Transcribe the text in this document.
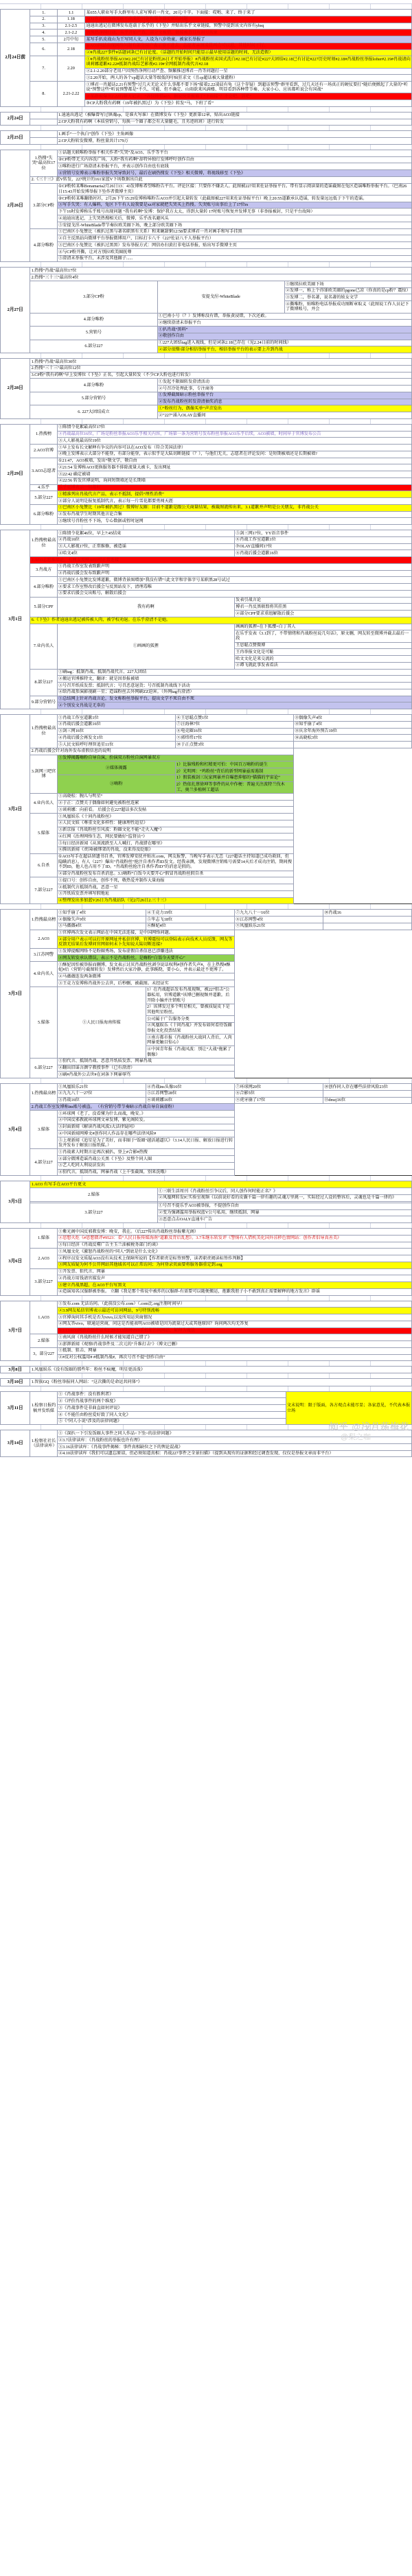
2月24日前	1.	1.1	某655人职业写手大群里有人求写博君一肖文，20元/千字。下面接：哎哟、来了、终于来了
	2.	1.18	AO3官方回应网页刷不出来的问题和服务器更新的问题
	3.	2.1-2.5	迪迪出逃记在微博发布连载于乐乎的《下坠》并贴出乐乎文章链接，预警中提到该文内容有yhsq
	4.	2.1-2.2	因预热净网行动，乐乎开始严查，部分文被惜、链接被查且有封号现象
	5.	2月中旬	某写手扒皮战山为王写同人文，人设为八岁幼童，被家长举报了
	6.	2.18	①AO3网站出现网络问题有部分用户表示登不进去。志愿者亲测凌晨两点可以进，其他时间不行。
			②#肖战227事件#话题词条已有讨论度。（话题的开始时间只能显示最早使用话题的时间，无法造假）
	7.	2.20	①#肖战粉丝举报AO3#2.20已有讨论粉丝26日才开始举报）#肖战粉丝卖国式洗白#2.18已有讨论#227大团结#2.18已有讨论#227历史时刻#2.18#肖战粉丝举报lofter#2.19#肖战请向谈莉娜道歉#2.22#抵制肖战综艺影视#2.19#全网抵制肖战代言#2.18
			②2.1-2.20部分老用户因预热净网行动严查、频繁推送博君一肖等问题打一星
			③2.20开始，两人的各个cp超话大量等级低的吁疯狂求文（且cp超话被大量灌粉）
	8.	2.21-2.22	①博君一肖超话2.21有预警“过几天无论又什么事都不要下场”接着2.22凌晨有龟（这个存疑）到超话预警“群里看到，过几天还有一场真正的硬仗要打”随后便掀起了大量的“听说”预警这些”听说预警都是“不久、可能、但不确定、山雨欲来风满楼、明显看到各种带节奏、大家小心、应该都听说会有国战”
			②某群被爆出2.22的聊天记录：“各位珍惜ao3，据说快要被墙了”下面接“？不会吧、到吧”
			③CP大粉我有药啊（19年被扒黑过）为《下坠》转发“马，下班了看”
2月24日		1.迪迪出逃记（被曝曾写过镇魂cp，是谁火写谁）在微博发布《下坠》更新第12章，贴出AO3链接
		2.CP大粉我有药啊（本质营销号，每换一个圈子都会有大量腿毛，且劣迹班班）进行转发
2月25日		1.画手“一个执白”创作《下坠》主角画像
		2.CP大粉转发微博，粉丝量共计179万
2月26日	1.热搜“失哭”最高位17位	①话题关联唯粉举报不相关作者“失哭”及AO3、乐乎等平台
		②CP粉带无关内容洗广场，大粉“我有药啊”却特异独行发博呼吁创作自由
		③唯粉进行广场澄清未举报平台，并表示创作自由也有底线
		④营销号发博表示唯粉举报失哭导致封号，最后在刷热搜发《下坠》相关微博，将视线移至《下坠》
	2.《三十三》蓝V转发，227统计的161家蓝V下场数据出自此	
	3.部分CP粉	①CP粉转某唯Bonamaria2月26日13：43发博称希望唯粉告平台。评论区接：只要你不嫌丢人。此图被227用来佐证举报平台。带有显示阅读量的造谣截图在兔区造谣唯粉举报平台。（巴南26日15:43开始发博举报下坠作者微博主页）
		②CP粉转某唯翻脂衬衫，2月26下午15:29发博称唯粉告AO3并引起大量转发（此截图被227用来佐证举报平台）晚上20:55道歉承认造谣，转发量远远低于下午的造谣。
		③写手失哭：有人爆料，兔区下午有人说我要是xz对家就把失哭买上热搜。失哭账号出事后上了17位rs
		下午16时发博称乐乎账号出现问题 “我有药啊”发博：保护我方太太，得到大量转 17时账号恢复并发博无事（非举报被封，只是平台故障）
		④迪迪出逃记，上失哭热搜相关后，微博、乐乎改名避风头
		⑤安提戈涅-WhiteBlade带节奏拉欧美圈下场，晚上部分欧美圈下场
	4.部分唯粉	①巴南区小兔赞比（被扒过黑与著名职黑有关系）和来碗甜粥12:58要求博君一肖对画手和写手挂黑
		②自主反黑站向微博平台举报微博用户，目标打卡八千（227佐证八千人举报平台）
		③巴南区小兔赞比（被扒过黑黑）发布举报方式：网信办扫黄打非电话举报，贴出写手微博主页
		④与CP粉开撕，让对方别拉欧美圈抚尊
		⑤澄清未举报平台，未涉及其他圈子......
2月27日	1.热搜“肖战”最高位17位		
	2.热搜“三十三”最高位4位		
	3.部分CP粉	安提戈涅-WhiteBlade	①继续拉欧美圈下场
			②发博一，称上个得罪欧美圈的pgone已凉（你真的是cp粉？震惊）
			③发博二，举名著，说名著的妓女文学
			④撕唯粉，贴唯粉电话举报成功图断章取义（此图说工作人员记下了微博账号，并会
	4.部分唯粉	①巴南小号（？）发博称没有错，举报黄浸错，下次还敢。	
		②继续澄清未举报平台	
	5.营销号	①扒肖战“黑料”	
		②敬创作自由	
	6.部分227	①227大团结tag进入视线，但是词条2.18已存在（见2.24日前的时间线）	
		②部分很懵/部分相信举报平台，相信举报平台的表示要上升到肖战	
2月28日	1.热搜“肖战”最高位30位	
	2.热搜“三十三”最高位12位	
	3.CP粉“我有药啊”早上发博位《下坠》正名，引起大量转发（不少CP大粉也进行转发）	
	4.部分唯粉	①发起不限圈转发澄清活动
		②号召冷处理此事，专注商务
	5.部分营销号	①发博截图暗示粉丝举报平台
		②发布肖战粉丝转发澄清抽奖消息
	6. 227大团结成立	①“粉丝行为，偶像买单“声音发出
		②“227“涌入OLAY直播间
2月29日	1.热搜榜	①陈情令花絮最高位17位
		②肖战最高位16位，广场是粉丝举报AO3乐乎相关内容，广场第一条为营销号发布粉丝举报AO3乐乎后续，AO3被墙，时间早于官博发布公告
		③人人影视最高位19位
	2.AO3官博	①早上发布长文解释有争议的内容可以在AO3发布（符合美国法律）
		②晚上发博表示大部分不能登，有部分能登，表示似乎是大陆切断链接（？），与他们无关，志愿者在评论发问：是短期被墙还是长期被墙?
	3.AO3志愿者	①21:47，AO3被墙，发出“敬文学，敬自由
		②21:54 发博称AO3更换服务器不排除流量大被卡，发出网址
		③22:42 确定被墙
		④22:56 转发官博说明，询问短期墙还是长期墙
	4.乐乎	乐乎更博表示一切都好
	5.部分227	①精准列出肖战代言产品，表示不抵制，提倡“理性消费”
		②部分人说明是报复抵制代言，表示每一片雪花都要勇闯天涯
	6.部分唯粉	①巴南区小兔赞比（19年被扒黑过）微博好友圈：目前不道歉是跟公关商量结果，被截图流传出来，3.1道歉并声明是公关朋友，非肖战公关
		②发布肖战学生时期其他言论合集
		③继续号召粉丝不下场，专心数据或暂时退网
3月1日	1.热搜榜最高位	①陈情令花絮46位，早上7:45结束	⑤剑三网17位，YY语音事件
		②肖战16位	⑥肖战工作室道歉1位
		③人人影视17位，正常维修，被造谣	⑦OLAY直播间17位
		④哈文4位	⑧肖战后援会道歉16位
	2.AO3志愿推墙论。有网友反映AO3可正常连接		
	3.肖战方	①肖战工作室发表致歉声明	
		②肖战后援会发布致歉声明	
	4.部分唯粉	①巴南区小兔赞比发博道歉，微博背景图增加“我没有错“（此文字和字体字号某职黑28号试过	
		②要求工作室整改后援会与反黑站皮下，清理毒唯	
		③要求后援会交出账号，解散后援会	
	5.部分CPF	我有药啊	发表引战言论
			博君一肖反黑联盟将其挂黑
			②部分CPF要求重组解散后援会
	6.《下坠》作者迪迪出逃记被传被人肉，被学校劝退。在乐乎澄清不是她。		
	7.业内名人	①画画的狐狸	画画的狐狸=在下狐缨=白丁其人
			在乐乎发表《3.1到了，不带情绪和肖战粉丝说几句话》，原文删，网友转至微博并截去最后一段
			王思聪点赞微博
			王冉举报文化是可耻
			哈文文化是来交流的
			②谭飞就此事发表看法
	8.部分227	①刷tag：抵制肖战、抵制肖战代言、227大团结	
		②搬运官博推特文，翻译：就是因举报被墙	
		③号召开纸质发票；抵制代言；号召恶意退货；号召抵制肖战线下活动	
		④给肖战参演影视刷一星；造谣粉丝去外网刷ZZ迫害。（外网tag有澄清）	
	9.部分营销号	①总结网上针对肖战言论，发文称粉丝举报平台，提出文学不死自由不死	
		②个别发文肖战是无辜的	
3月2日	1.热搜榜最高位	①肖战工作室道歉1位	⑥王思聪点赞1位	⑪偶像失声4位
		②肖战后援会道歉16位	⑦汪海林7位	⑫知乎崩了4位
		③剑三网16位	⑧电竞圈16位	⑬庆余年海外预告19位
		④肖战后援会再发文1位	⑨郭炜炜17位	⑭高晓松3位
		⑤人民文娱呼吁理智追星11位	⑩于正点赞3位	
	2.肖战后援会针对海外发布虚假信息的说明			
	3.剑网三吧官博	①发博揭露嗨粉自导自演，扮演双方粉丝自演网暴双方		
		②媒体揭露	1）比脑残粉和杠精更可怕：中国百万嗨粉的诞生	
			2）光明网：“鸡粉丝”背后的新型网暴亟需遏制	
		③嗨粉	1）假装被剑三玩家网暴并自曝患抑郁的“猫猫的宇宙论”	
			2）热依扎蔡徐坤等事件的从中作梗：普遍关注波特兰伐木工、奥兰多植树工超话	
	4.业内名人	①高晓松：腕儿与明星“		
		②于正：点赞关于偶像如何避免被粉丝连累		
		③谈莉娜：向前看。 后援会在227超话多次发帖		
	5.媒体	①凤凰娱乐《十问肖战粉丝》		
		②人民文娱《尊重文化多样性：健康理性追星》		
		③新京报《肖战粉丝引风波：粉圈文化不能”走火入魔“》		
		④红网《治理网络生态，网民要做好”监督员“》		
		⑤每日经济新闻《从顶流跌至人人喊打，肖战错在哪里》		
		⑥腾讯新闻《责国‖被绑架的肖战，没来得及眨眼》		
	6.自杀	①AO3写手在超话留遗书自杀，官博发博安抚并贴出.com，网友报警，当晚写手表示无恙（227超话主持知道已成功救回，但隐瞒消息）。有人（227）爆出“肖战粉丝”抢注自杀作者ID发文。经我亲测，发现微博注销账号需要14天后才成功注销，期间搜不到ID，他人也占用不了ID。“肖战粉丝抢注自杀作者ID”的消息是假的。		
		②部分肖战粉丝发布自杀消息。3.1嗨粉“白饭今天要开心”假冒肖战粉丝假自杀		
	7.部分227	①提口号：创作自由，创作不死，敬热爱并制作大量海报		
		②抵制代言抵制肖战，恶意一星		
		③开纸质发票并填写假地址		
		④整理发出多加蓝V26日为肖战站队（见2月26日2.三十三）		
3月3日	1.热搜最高榜	①知乎崩了4位	④王竞力19位	⑦九九八十一16位	⑩肖战16
		②偶像失声9位	⑤毕志飞18位	⑧江苏网警4位	
		③马薇薇4位	⑥酥妃4位	⑨凤凰娱乐21位	
	2.AO3	①官博再次发文表示网站在中国无法连接，是中国网络问题。			
		②部分用户表示可以打开原网址并私信官博，官博震惊可以登陆表示向技术人员反馈，网友等反馈无结果后发博问官网如何未卜先知说大陆切断连接?			
	3.江苏网警	①发博提醒网络不是粉圈秀场，发布虚假自杀信息已涉嫌违法			
		②网友转发承认错误，表示不是肖战粉丝。是嗨粉“白饭今天要开心"			
	4.业内名人	①酥妃因怕被举报而删博，发文表示讨厌肖战粉丝剥夺说话权利#创作者失声#，在上热搜#酥妃#后（营销号截图转发）发博然后大家冷静，此事蹊跷，要小心，并表示最近不更博了。			
		②马薇薇连发两条微博			
		③王竞力发博称肖战外公去世，后秒删，被截图。未经证实			
	5.媒体	①人民日报海南传媒	1）在肖战超话发布肖战视频，被227狙击”公器私用，官博道歉“该博已删视频并道歉。后开除小编并注销账号		
			2）该博发过多个明星相关，曾被质疑皮下是其他明星粉丝。		
			公司属于广告服务分类		
			②凤凰娱乐《十问肖战》并发布如何看待饭圈举报文化投票结果		
			③南方都市报《肖战粉丝大战同人背后，人肉网暴更触目惊心》		
			④中国青年报《肖战风波：别让“大战”拖累了偶像》		
	6.部分227	①狙代言、抵制肖战、恶意开纸质发票、网暴肖战			
		②翻出旧谣言颜宁教授事件（已有澄清）			
		③刷#肖战外公去世#在词条下网暴辱骂			
3月4日	1.热搜最高榜	①凤凰娱乐21位	④肖战ins头像16位	⑦环球网20位	⑩创作同人存在哪些法律风险23位
		②九九八十一27位	⑤江苏网警28位	⑧合影5位	
		③肖战16位	⑥谈莉娜16位	⑨虎牙崩了17位	⑪dmzj16位
	2.肖战工作室发博称ins账号被盗。 （有营销号带节奏暗示肖战自导自演虚粉）				
	3.媒体	①环球网《老了，没看懂为什么而战，晚安。》			
		②中国反邪教就环球网文章发博，紫光阁转发。			
		③封面新闻《解读肖战风波3大法律疑问》			
		④中国新闻网博文#创作同人作品存在哪些法律风险#			
		⑤上观新闻《追星是为了美好，而非圈于“饭圈"越活越逼仄》（3.14人民日报、解放日报进行转发并发布于解放日报纸媒。）			
	4.部分227	①肖战素人时期言论再次被扒，登上#合影#热搜			
		②部分微博造谣肖战公关黑《下坠》及整个同人圈			
		③艺人吃同人利说法发出			
		④狙代言，抵制肖战，网暴肖战（上千张截图，别来洗哦）			
3月5日	1.AO3 有写手在AO3平台更文	
	2.媒体	①三联生活周刊《肖战粉丝引争议后，同人创作何时能正名？》
		②凤凰网转发IC实验室视频《以前说好看的皮囊千篇一律有趣的灵魂万里挑一，实际经过人设的整容后，灵魂也是千篇一律的》

	3.部分227	①号召不提乐乎AO3被举报，不提创作自由
		②变为强调滥用举报权蓝V公号私用，继续抵制、网暴
		③恶意点击OALY直通车广告
3月6日	1.媒体	①紫光阁中国反邪教发博：晚安，我在。（后227传出肖战粉丝举报紫光阁）
		②思想火炬《#思想微评#9523：看“人民日报传媒海南”道歉及背后乱想》。3.7朱继东转发评《警惕有人借机美化国外淫秽色情网站：创作者倡导真善美》
		③每日经济《肖战反噬广告主玉兰油被税务部门约谈》
	2.AO3	①凤凰文化《激怒肖战粉丝的“同人”到底是什么文化》
		②程序员发文质疑AO3没有从技术上保障所说的【作者职责是标签预警，读者职责阅读标签作判断】
		③网友质疑为何不公开网站其他域名可以正常访问；为何登录页面要将服务器重定到.org
	3.部分227	①开发票、狙代言、网暴
		②肖战方用钱请官媒发声
		③建立肖战黑超，在AO3平台写黑文
		④造谣知名汉服群被举报。 立翻《我是那个传说中被炸的汉服群-有需要可以随便搬运，抱歉我胆子小不敢到真正需要解释的地方发言》辟谣
3月7日	1.AO3	①发布.com 无法访问。（此前没公布.com）（.com比.org注册时间早）
		②3.9网友私信官博表示最近可访问网站，9号特别流畅
		③官博询问其手机是否为vivo,以及所用运营商情况
		④网友答vivo，联通运营商，问这是否能表明AO3被墙是因为流量过大或其他原因？询问两次均无答复
		⑤3.13AO3网站志愿者证实2.29-3.13期间vivo手机能访问网站，解释为魔法
	2.媒体	①南风窗《肖战粉丝什么时候才能知道自己错了》
		②澎湃新闻《观察‖肖战事件及二次元的"升维打击"》（博文已删）
	3，部分227	①抵制、狙击、网暴
		②#反对公权滥用# #抵制肖战#，再次号召不提“创作自由”
3月8日	1.凤凰娱乐《没有饭圈的那些年：粉丝不疯魔，明星更活泼》
3月10日	1.智族GQ《粉丝举报同人网站：“这次撕的是命运共同体”》
3月11日	1.检察日报约稿并发纸媒	①《肖战事件：没有胜利者》	文末说明：限于版面，各方观点未能尽显；各家意见，不代表本报立场
②《评价肖战事件的两个维度》
③《肖战事件是非曲直如何评说》
④《不能任由粉丝爱好毁了同人文化》
⑤《”同人小说“涉及的法律问题》
3月14日	1.检察社社长（法律读库）	①《深扒一下引发饭圈大事件之同人作品<下坠>的法律问题》
②3.7法律读库：《肖战粉丝的举报也许有理》
③3.16法律读库：《肖战事件揭秘：事件真相缺位之下的舆论混战》
④4.10法律读库《我们可以遗忘原谅，但必须知道真相：肖战227事件之全景扫描》（提到从现有的证据和经过调查发现，仅仅是举报文章而非平台）
知乎 @浅月荡梅花
@梨之咖
